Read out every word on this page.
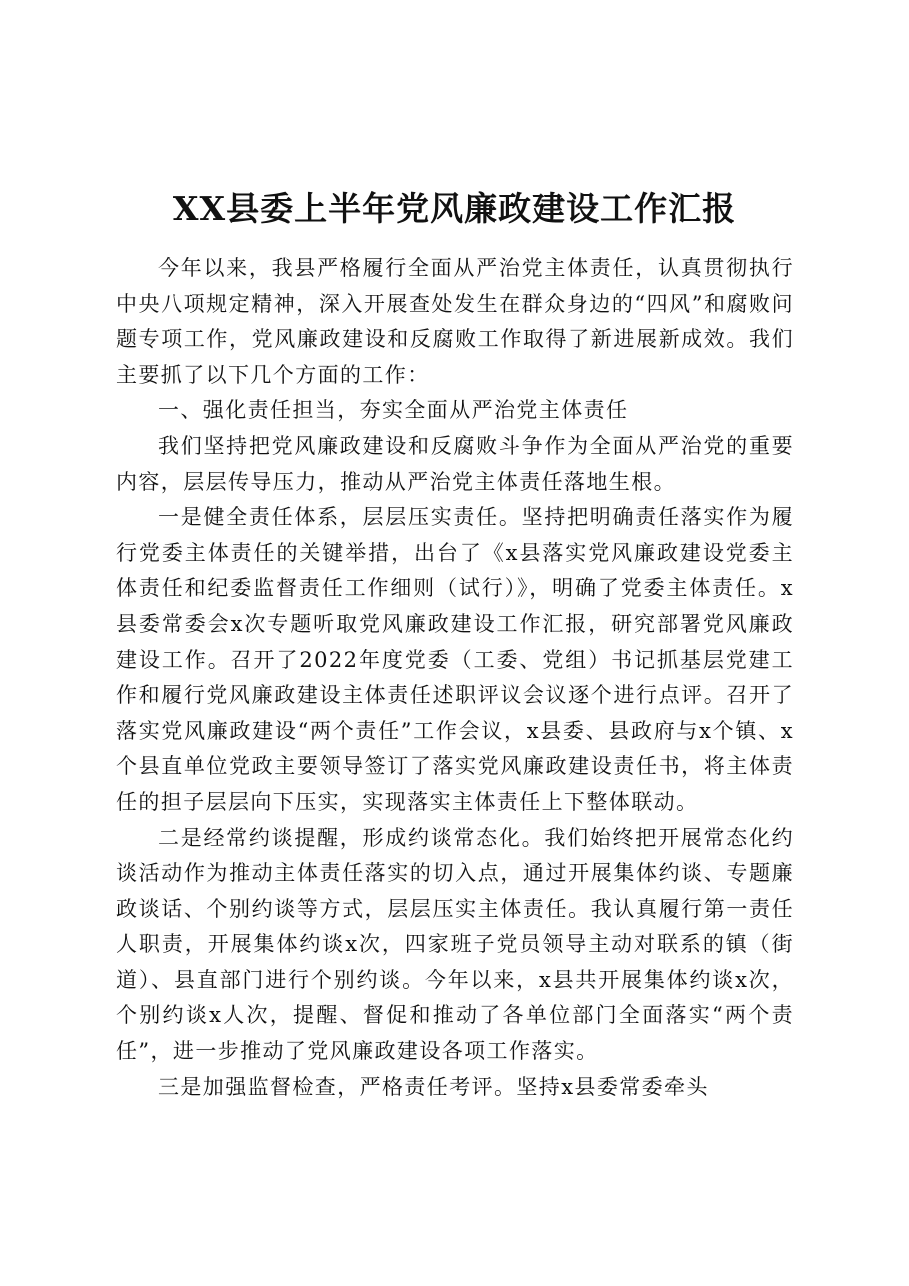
XX县委上半年党风廉政建设工作汇报

今年以来，我县严格履行全面从严治党主体责任，认真贯彻执行中央八项规定精神，深入开展查处发生在群众身边的“四风”和腐败问题专项工作，党风廉政建设和反腐败工作取得了新进展新成效。我们主要抓了以下几个方面的工作：

一、强化责任担当，夯实全面从严治党主体责任

我们坚持把党风廉政建设和反腐败斗争作为全面从严治党的重要内容，层层传导压力，推动从严治党主体责任落地生根。

一是健全责任体系，层层压实责任。坚持把明确责任落实作为履行党委主体责任的关键举措，出台了《x县落实党风廉政建设党委主体责任和纪委监督责任工作细则（试行）》，明确了党委主体责任。x县委常委会x次专题听取党风廉政建设工作汇报，研究部署党风廉政建设工作。召开了2022年度党委（工委、党组）书记抓基层党建工作和履行党风廉政建设主体责任述职评议会议逐个进行点评。召开了落实党风廉政建设“两个责任”工作会议，x县委、县政府与x个镇、x个县直单位党政主要领导签订了落实党风廉政建设责任书，将主体责任的担子层层向下压实，实现落实主体责任上下整体联动。

二是经常约谈提醒，形成约谈常态化。我们始终把开展常态化约谈活动作为推动主体责任落实的切入点，通过开展集体约谈、专题廉政谈话、个别约谈等方式，层层压实主体责任。我认真履行第一责任人职责，开展集体约谈x次，四家班子党员领导主动对联系的镇（街道）、县直部门进行个别约谈。今年以来，x县共开展集体约谈x次，个别约谈x人次，提醒、督促和推动了各单位部门全面落实“两个责任”，进一步推动了党风廉政建设各项工作落实。

三是加强监督检查，严格责任考评。坚持x县委常委牵头
